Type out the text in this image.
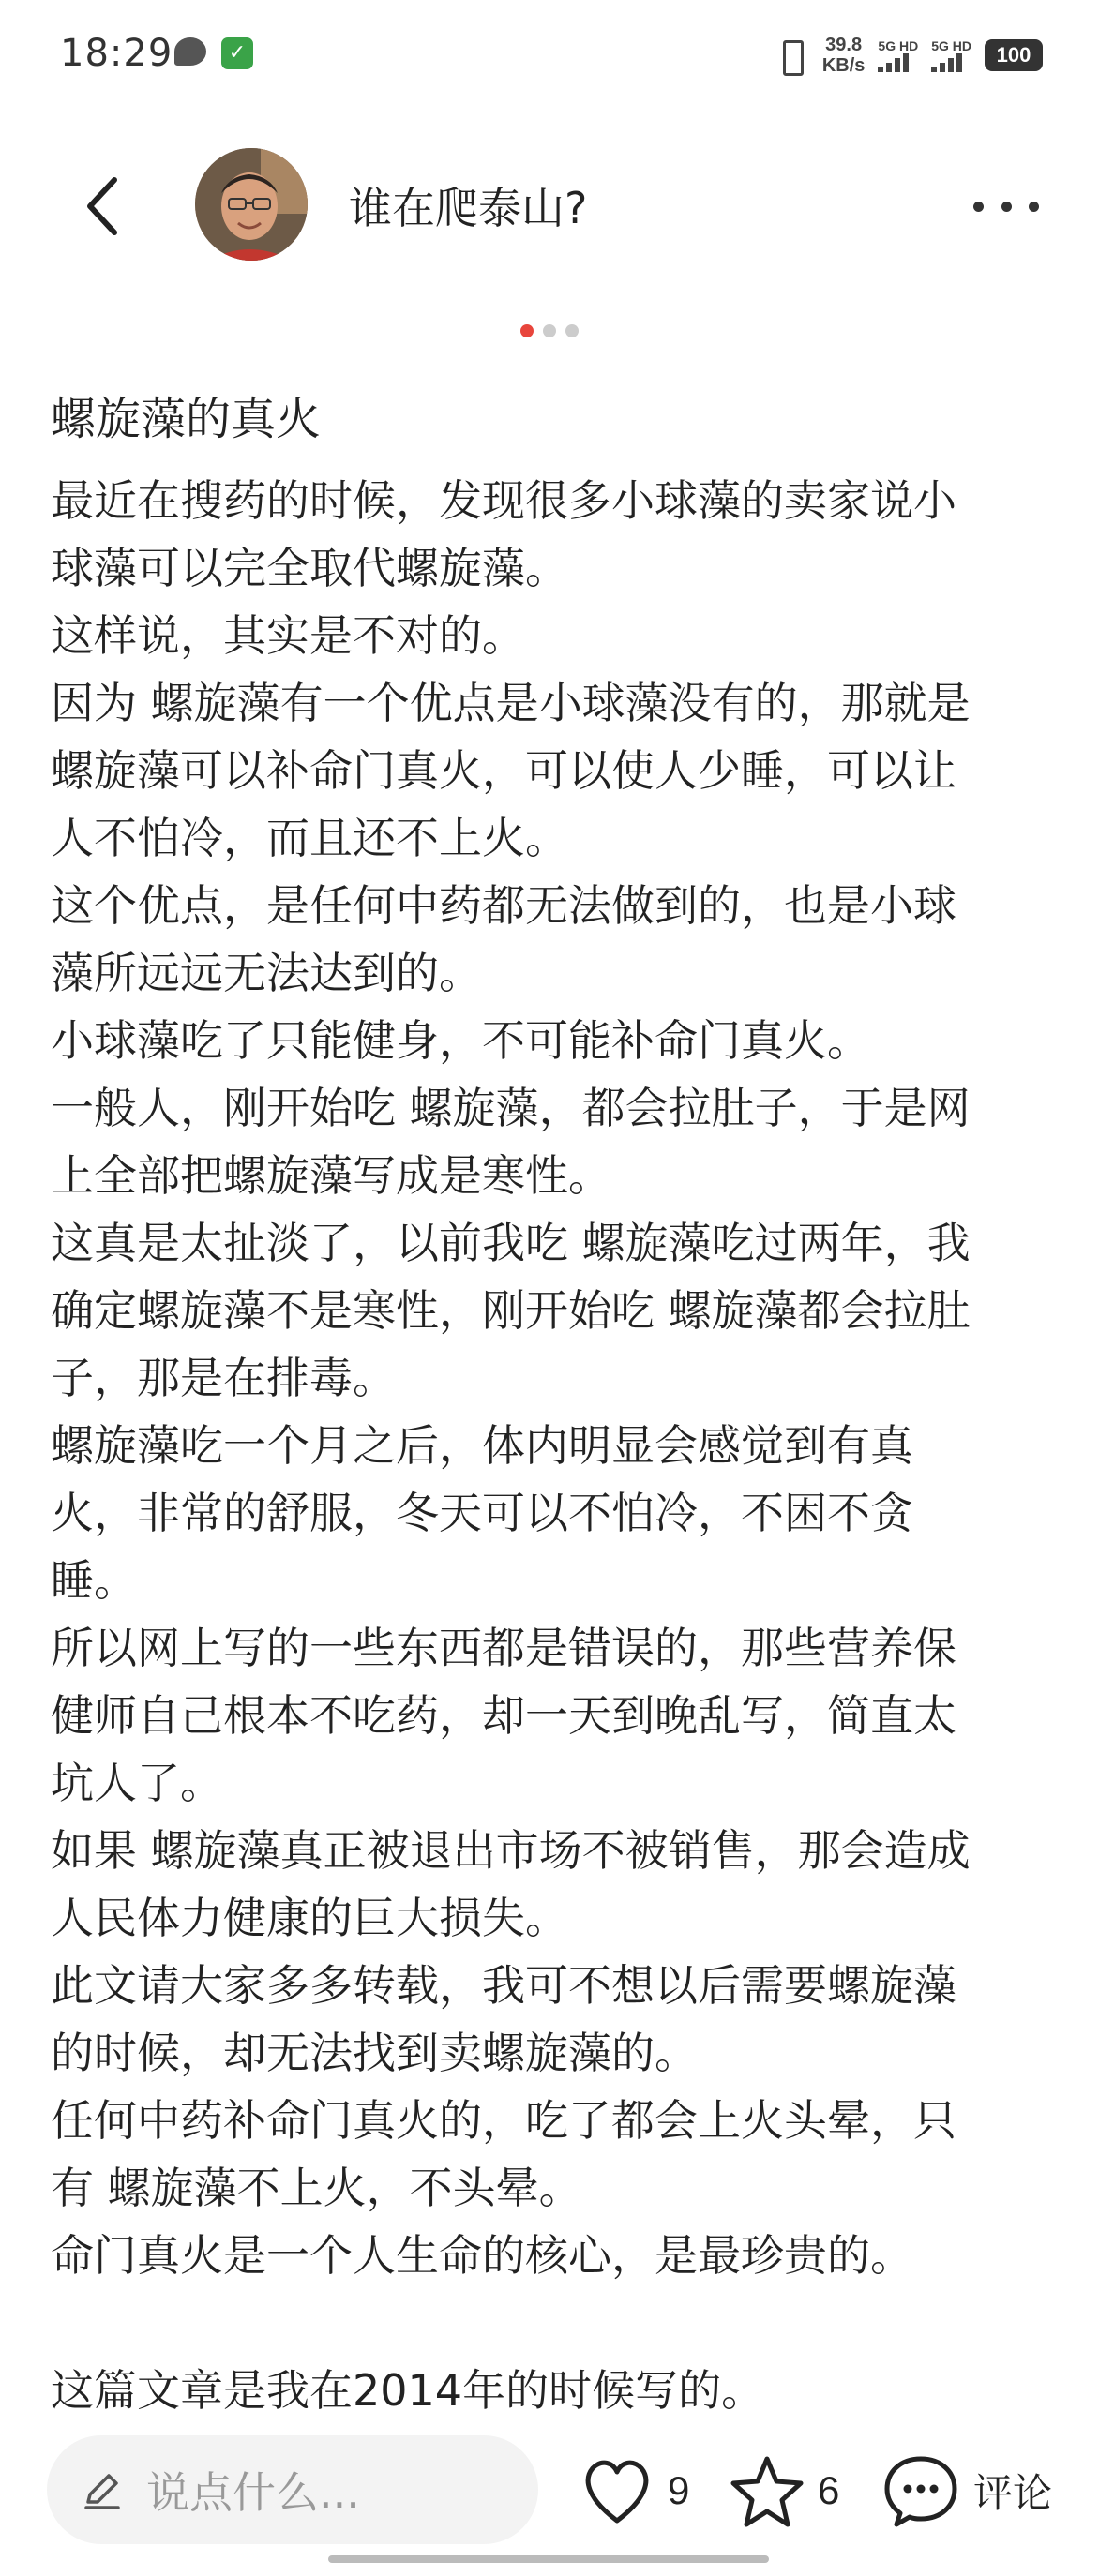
18:29	✓	39.8
KB/s
5G HD 5G HD	100
谁在爬泰山?
螺旋藻的真火

最近在搜药的时候，发现很多小球藻的卖家说小

球藻可以完全取代螺旋藻。

这样说，其实是不对的。

因为 螺旋藻有一个优点是小球藻没有的，那就是

螺旋藻可以补命门真火，可以使人少睡，可以让

人不怕冷，而且还不上火。

这个优点，是任何中药都无法做到的，也是小球

藻所远远无法达到的。

小球藻吃了只能健身，不可能补命门真火。

一般人，刚开始吃 螺旋藻，都会拉肚子，于是网

上全部把螺旋藻写成是寒性。

这真是太扯淡了，以前我吃 螺旋藻吃过两年，我

确定螺旋藻不是寒性，刚开始吃 螺旋藻都会拉肚

子，那是在排毒。

螺旋藻吃一个月之后，体内明显会感觉到有真

火，非常的舒服，冬天可以不怕冷，不困不贪

睡。

所以网上写的一些东西都是错误的，那些营养保

健师自己根本不吃药，却一天到晚乱写，简直太

坑人了。

如果 螺旋藻真正被退出市场不被销售，那会造成

人民体力健康的巨大损失。

此文请大家多多转载，我可不想以后需要螺旋藻

的时候，却无法找到卖螺旋藻的。

任何中药补命门真火的，吃了都会上火头晕，只

有 螺旋藻不上火，不头晕。

命门真火是一个人生命的核心，是最珍贵的。

这篇文章是我在2014年的时候写的。

说点什么...	9	6	评论
